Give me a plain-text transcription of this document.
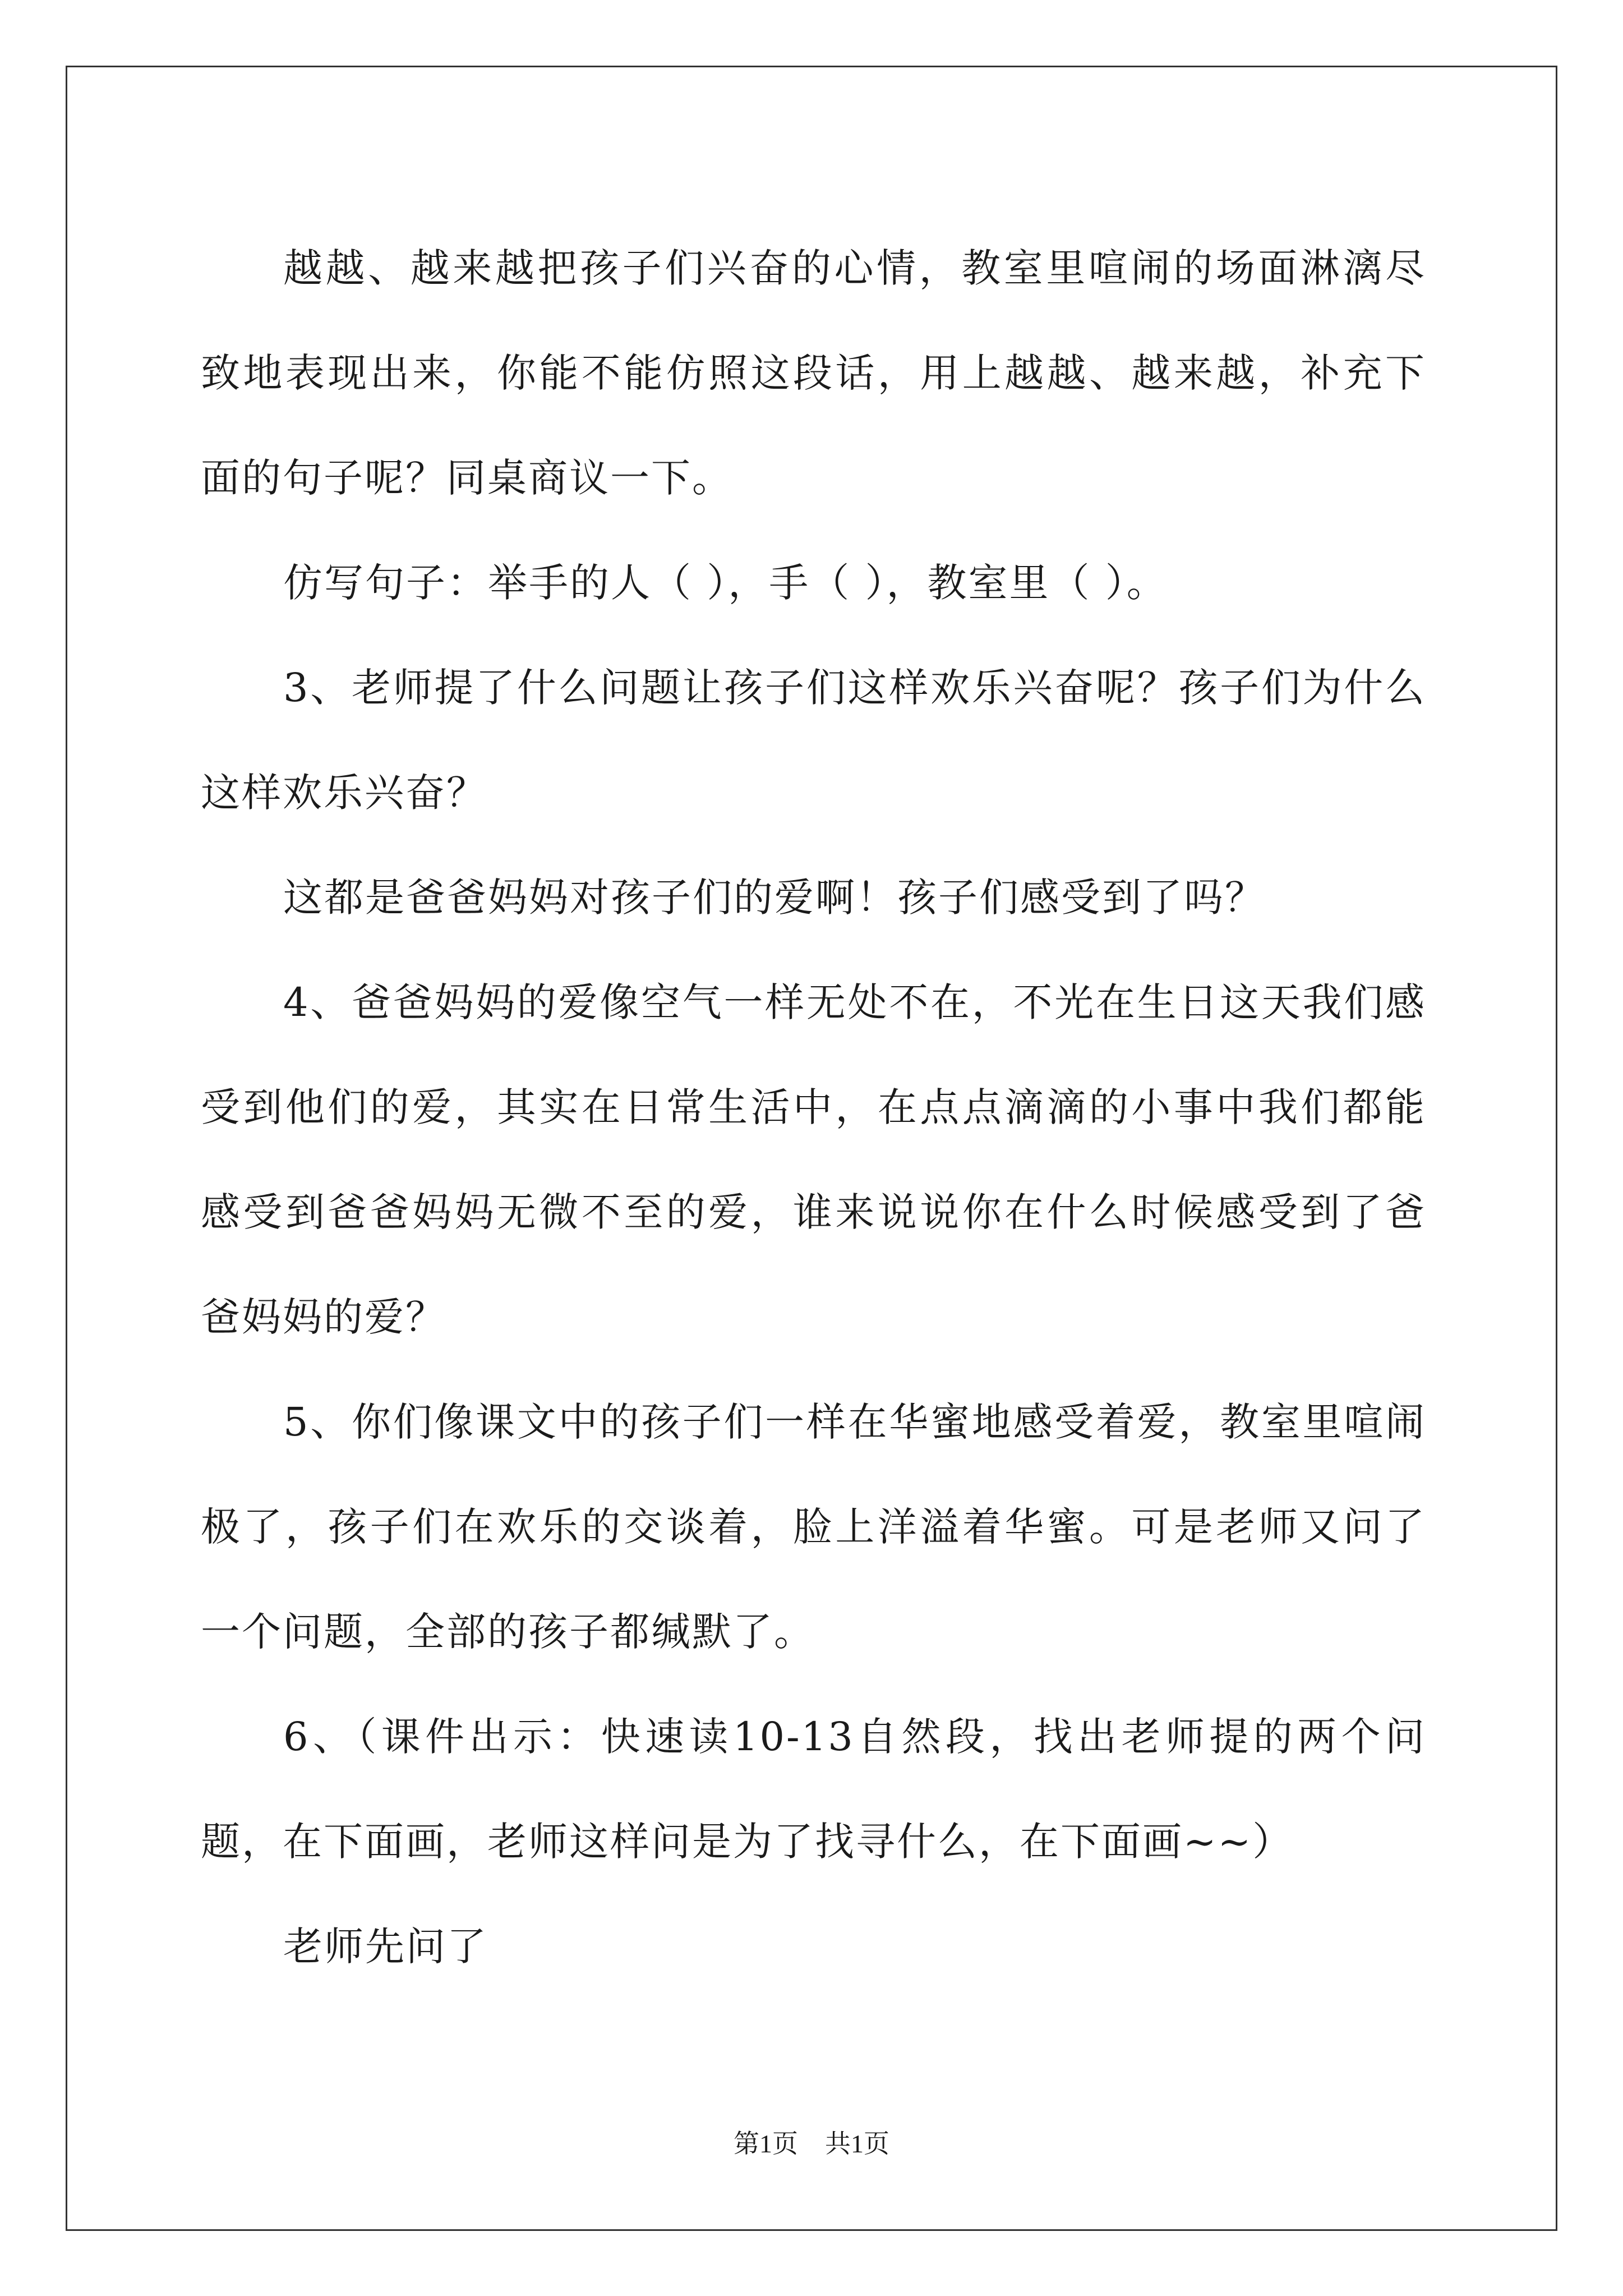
越越、越来越把孩子们兴奋的心情，教室里喧闹的场面淋漓尽致地表现出来，你能不能仿照这段话，用上越越、越来越，补充下面的句子呢？同桌商议一下。

仿写句子：举手的人（ ），手（ ），教室里（ ）。

3、老师提了什么问题让孩子们这样欢乐兴奋呢？孩子们为什么这样欢乐兴奋？

这都是爸爸妈妈对孩子们的爱啊！孩子们感受到了吗？

4、爸爸妈妈的爱像空气一样无处不在，不光在生日这天我们感受到他们的爱，其实在日常生活中，在点点滴滴的小事中我们都能感受到爸爸妈妈无微不至的爱，谁来说说你在什么时候感受到了爸爸妈妈的爱？

5、你们像课文中的孩子们一样在华蜜地感受着爱，教室里喧闹极了，孩子们在欢乐的交谈着，脸上洋溢着华蜜。可是老师又问了一个问题，全部的孩子都缄默了。

6、（课件出示：快速读10-13自然段，找出老师提的两个问题，在下面画，老师这样问是为了找寻什么，在下面画~~）

老师先问了

第1页 共1页
